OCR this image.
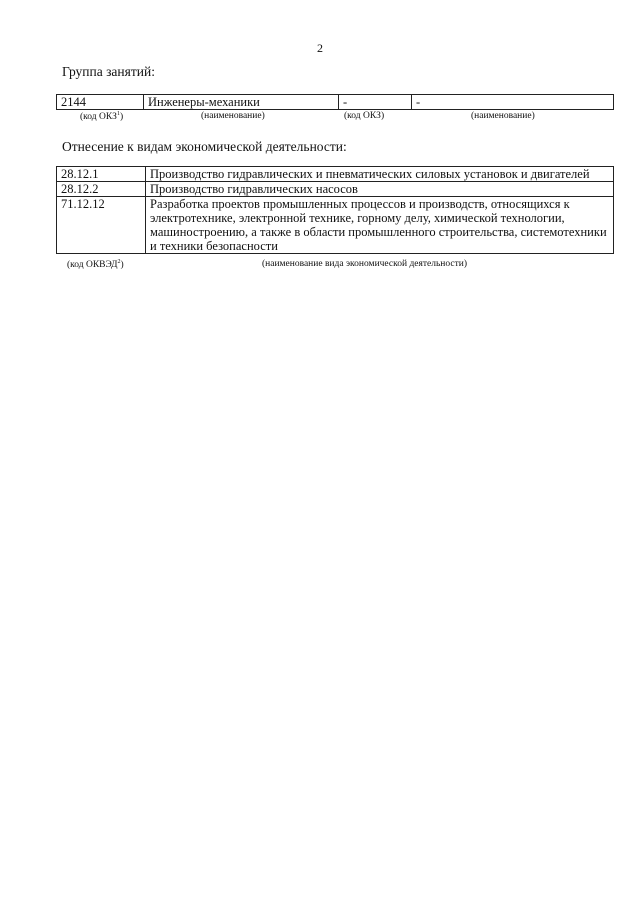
2
Группа занятий:
2144	Инженеры-механики	-	-
(код ОКЗ$^1$)	(наименование)	(код ОКЗ)	(наименование)
Отнесение к видам экономической деятельности:
28.12.1	Производство гидравлических и пневматических силовых установок и двигателей
28.12.2	Производство гидравлических насосов
71.12.12	Разработка проектов промышленных процессов и производств, относящихся к электротехнике, электронной технике, горному делу, химической технологии, машиностроению, а также в области промышленного строительства, системотехники и техники безопасности
(код ОКВЭД$^2$)	(наименование вида экономической деятельности)
